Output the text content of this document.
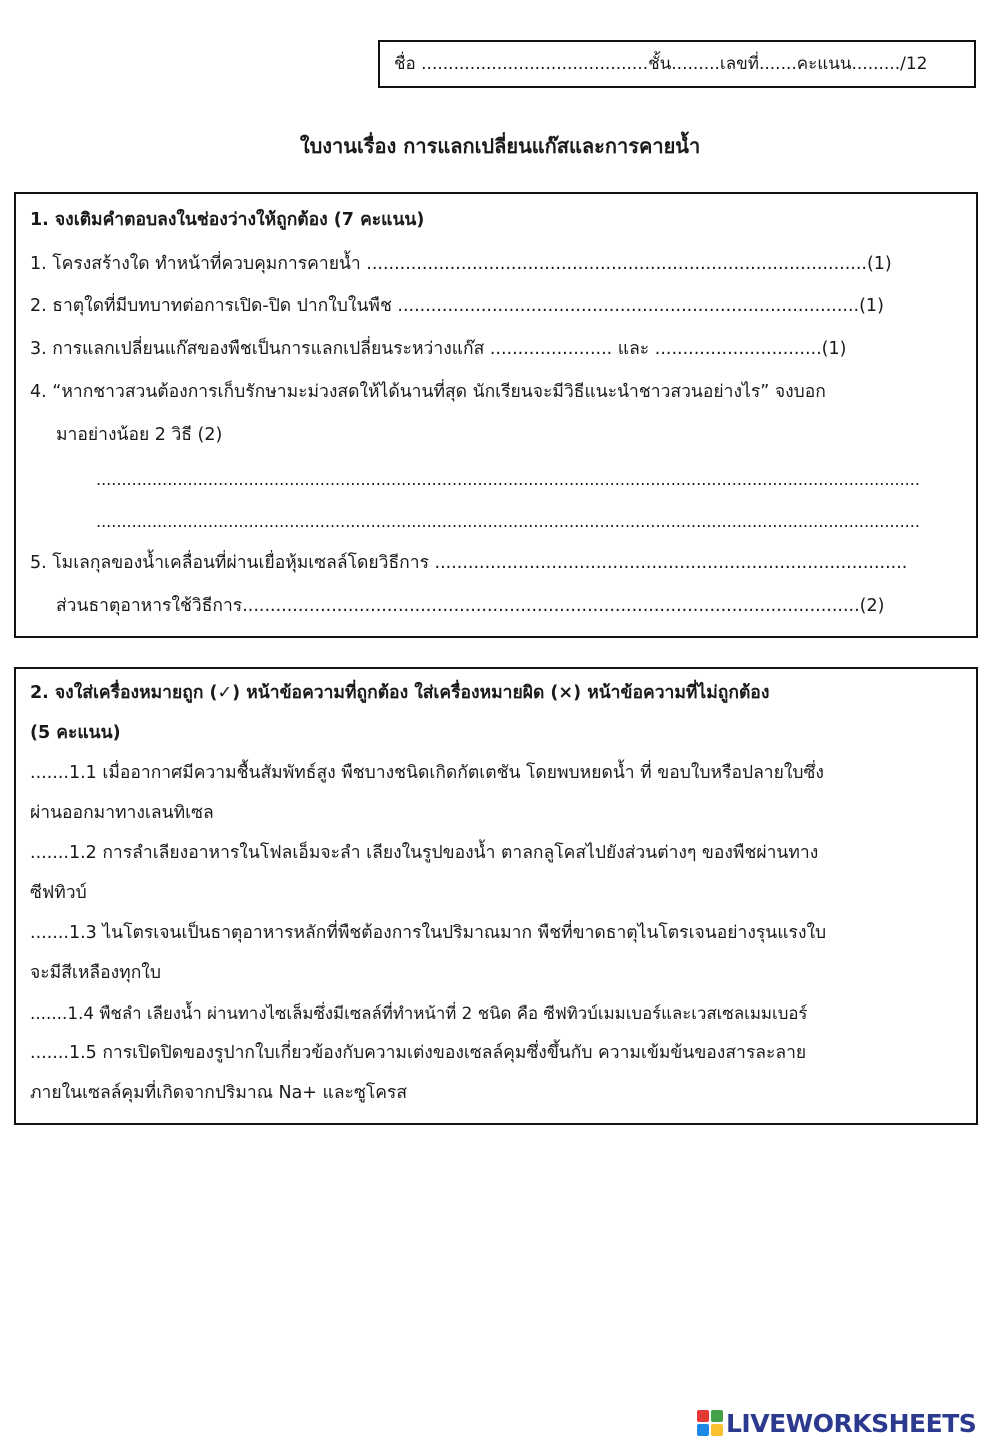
ชื่อ ..........................................ชั้น.........เลขที่.......คะแนน........./12
ใบงานเรื่อง การแลกเปลี่ยนแก๊สและการคายน้ำ
1. จงเติมคำตอบลงในช่องว่างให้ถูกต้อง (7 คะแนน)
1. โครงสร้างใด ทำหน้าที่ควบคุมการคายน้ำ ..........................................................................................(1)
2. ธาตุใดที่มีบทบาทต่อการเปิด-ปิด ปากใบในพืช ...................................................................................(1)
3. การแลกเปลี่ยนแก๊สของพืชเป็นการแลกเปลี่ยนระหว่างแก๊ส ...................... และ ..............................(1)
4. “หากชาวสวนต้องการเก็บรักษามะม่วงสดให้ได้นานที่สุด นักเรียนจะมีวิธีแนะนำชาวสวนอย่างไร” จงบอก
มาอย่างน้อย 2 วิธี (2)
..................................................................................................................................................................
..................................................................................................................................................................
5. โมเลกุลของน้ำเคลื่อนที่ผ่านเยื่อหุ้มเซลล์โดยวิธีการ .....................................................................................
ส่วนธาตุอาหารใช้วิธีการ...............................................................................................................(2)
2. จงใส่เครื่องหมายถูก (✓) หน้าข้อความที่ถูกต้อง ใส่เครื่องหมายผิด (×) หน้าข้อความที่ไม่ถูกต้อง
(5 คะแนน)
.......1.1 เมื่ออากาศมีความชื้นสัมพัทธ์สูง พืชบางชนิดเกิดกัตเตชัน โดยพบหยดน้ำ ที่ ขอบใบหรือปลายใบซึ่ง
ผ่านออกมาทางเลนทิเซล
.......1.2 การลำเลียงอาหารในโฟลเอ็มจะลำ เลียงในรูปของน้ำ ตาลกลูโคสไปยังส่วนต่างๆ ของพืชผ่านทาง
ซีฟทิวบ์
.......1.3 ไนโตรเจนเป็นธาตุอาหารหลักที่พืชต้องการในปริมาณมาก พืชที่ขาดธาตุไนโตรเจนอย่างรุนแรงใบ
จะมีสีเหลืองทุกใบ
.......1.4 พืชลำ เลียงน้ำ ผ่านทางไซเล็มซึ่งมีเซลล์ที่ทำหน้าที่ 2 ชนิด คือ ซีฟทิวบ์เมมเบอร์และเวสเซลเมมเบอร์
.......1.5 การเปิดปิดของรูปากใบเกี่ยวข้องกับความเต่งของเซลล์คุมซึ่งขึ้นกับ ความเข้มข้นของสารละลาย
ภายในเซลล์คุมที่เกิดจากปริมาณ Na+ และซูโครส
LIVEWORKSHEETS
